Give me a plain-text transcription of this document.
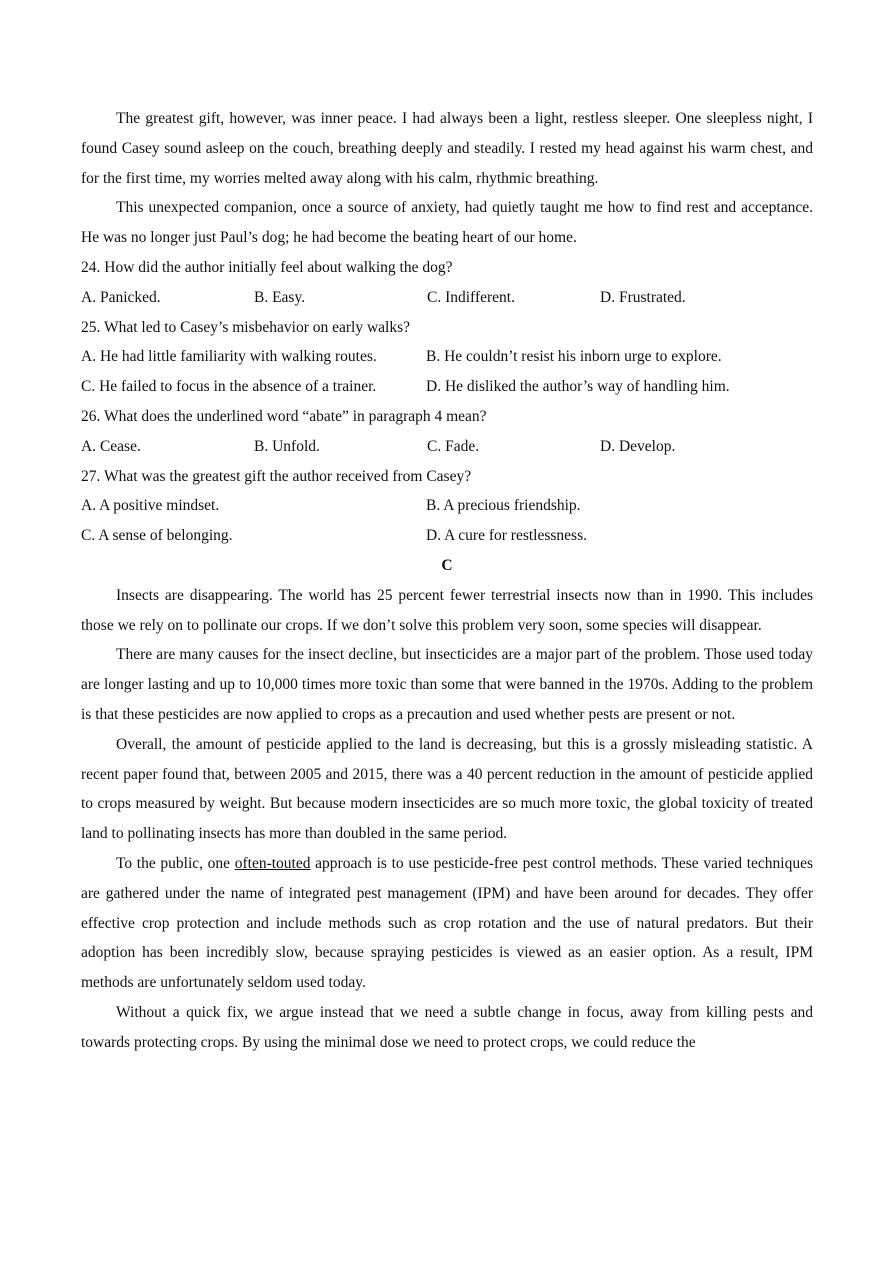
The greatest gift, however, was inner peace. I had always been a light, restless sleeper. One sleepless night, I found Casey sound asleep on the couch, breathing deeply and steadily. I rested my head against his warm chest, and for the first time, my worries melted away along with his calm, rhythmic breathing.

This unexpected companion, once a source of anxiety, had quietly taught me how to find rest and acceptance. He was no longer just Paul’s dog; he had become the beating heart of our home.

24. How did the author initially feel about walking the dog?

A. Panicked.	B. Easy.	C. Indifferent.	D. Frustrated.

25. What led to Casey’s misbehavior on early walks?

A. He had little familiarity with walking routes.	B. He couldn’t resist his inborn urge to explore.
C. He failed to focus in the absence of a trainer.	D. He disliked the author’s way of handling him.

26. What does the underlined word “abate” in paragraph 4 mean?

A. Cease.	B. Unfold.	C. Fade.	D. Develop.

27. What was the greatest gift the author received from Casey?

A. A positive mindset.	B. A precious friendship.
C. A sense of belonging.	D. A cure for restlessness.

C

Insects are disappearing. The world has 25 percent fewer terrestrial insects now than in 1990. This includes those we rely on to pollinate our crops. If we don’t solve this problem very soon, some species will disappear.

There are many causes for the insect decline, but insecticides are a major part of the problem. Those used today are longer lasting and up to 10,000 times more toxic than some that were banned in the 1970s. Adding to the problem is that these pesticides are now applied to crops as a precaution and used whether pests are present or not.

Overall, the amount of pesticide applied to the land is decreasing, but this is a grossly misleading statistic. A recent paper found that, between 2005 and 2015, there was a 40 percent reduction in the amount of pesticide applied to crops measured by weight. But because modern insecticides are so much more toxic, the global toxicity of treated land to pollinating insects has more than doubled in the same period.

To the public, one often-touted approach is to use pesticide-free pest control methods. These varied techniques are gathered under the name of integrated pest management (IPM) and have been around for decades. They offer effective crop protection and include methods such as crop rotation and the use of natural predators. But their adoption has been incredibly slow, because spraying pesticides is viewed as an easier option. As a result, IPM methods are unfortunately seldom used today.

Without a quick fix, we argue instead that we need a subtle change in focus, away from killing pests and towards protecting crops. By using the minimal dose we need to protect crops, we could reduce the
